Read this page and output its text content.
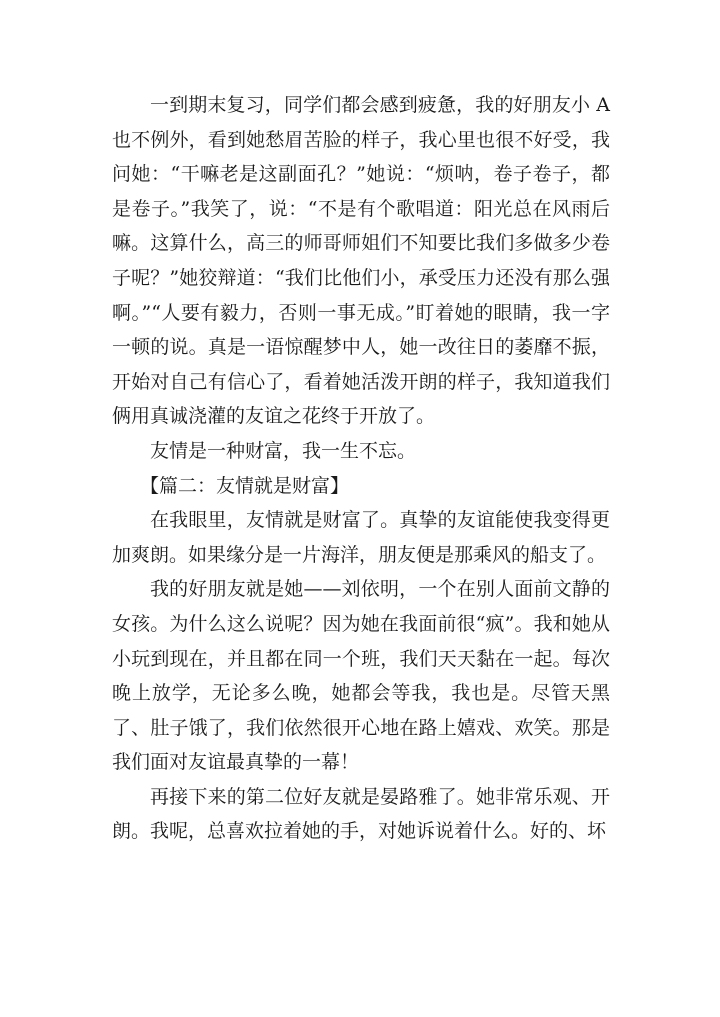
一到期末复习，同学们都会感到疲惫，我的好朋友小 A 也不例外，看到她愁眉苦脸的样子，我心里也很不好受，我问她：“干嘛老是这副面孔？”她说：“烦呐，卷子卷子，都是卷子。”我笑了，说：“不是有个歌唱道：阳光总在风雨后嘛。这算什么，高三的师哥师姐们不知要比我们多做多少卷子呢？”她狡辩道：“我们比他们小，承受压力还没有那么强啊。”“人要有毅力，否则一事无成。”盯着她的眼睛，我一字一顿的说。真是一语惊醒梦中人，她一改往日的萎靡不振，开始对自己有信心了，看着她活泼开朗的样子，我知道我们俩用真诚浇灌的友谊之花终于开放了。

友情是一种财富，我一生不忘。

【篇二：友情就是财富】

在我眼里，友情就是财富了。真挚的友谊能使我变得更加爽朗。如果缘分是一片海洋，朋友便是那乘风的船支了。

我的好朋友就是她——刘依明，一个在别人面前文静的女孩。为什么这么说呢？因为她在我面前很“疯”。我和她从小玩到现在，并且都在同一个班，我们天天黏在一起。每次晚上放学，无论多么晚，她都会等我，我也是。尽管天黑了、肚子饿了，我们依然很开心地在路上嬉戏、欢笑。那是我们面对友谊最真挚的一幕！

再接下来的第二位好友就是晏路雅了。她非常乐观、开朗。我呢，总喜欢拉着她的手，对她诉说着什么。好的、坏
